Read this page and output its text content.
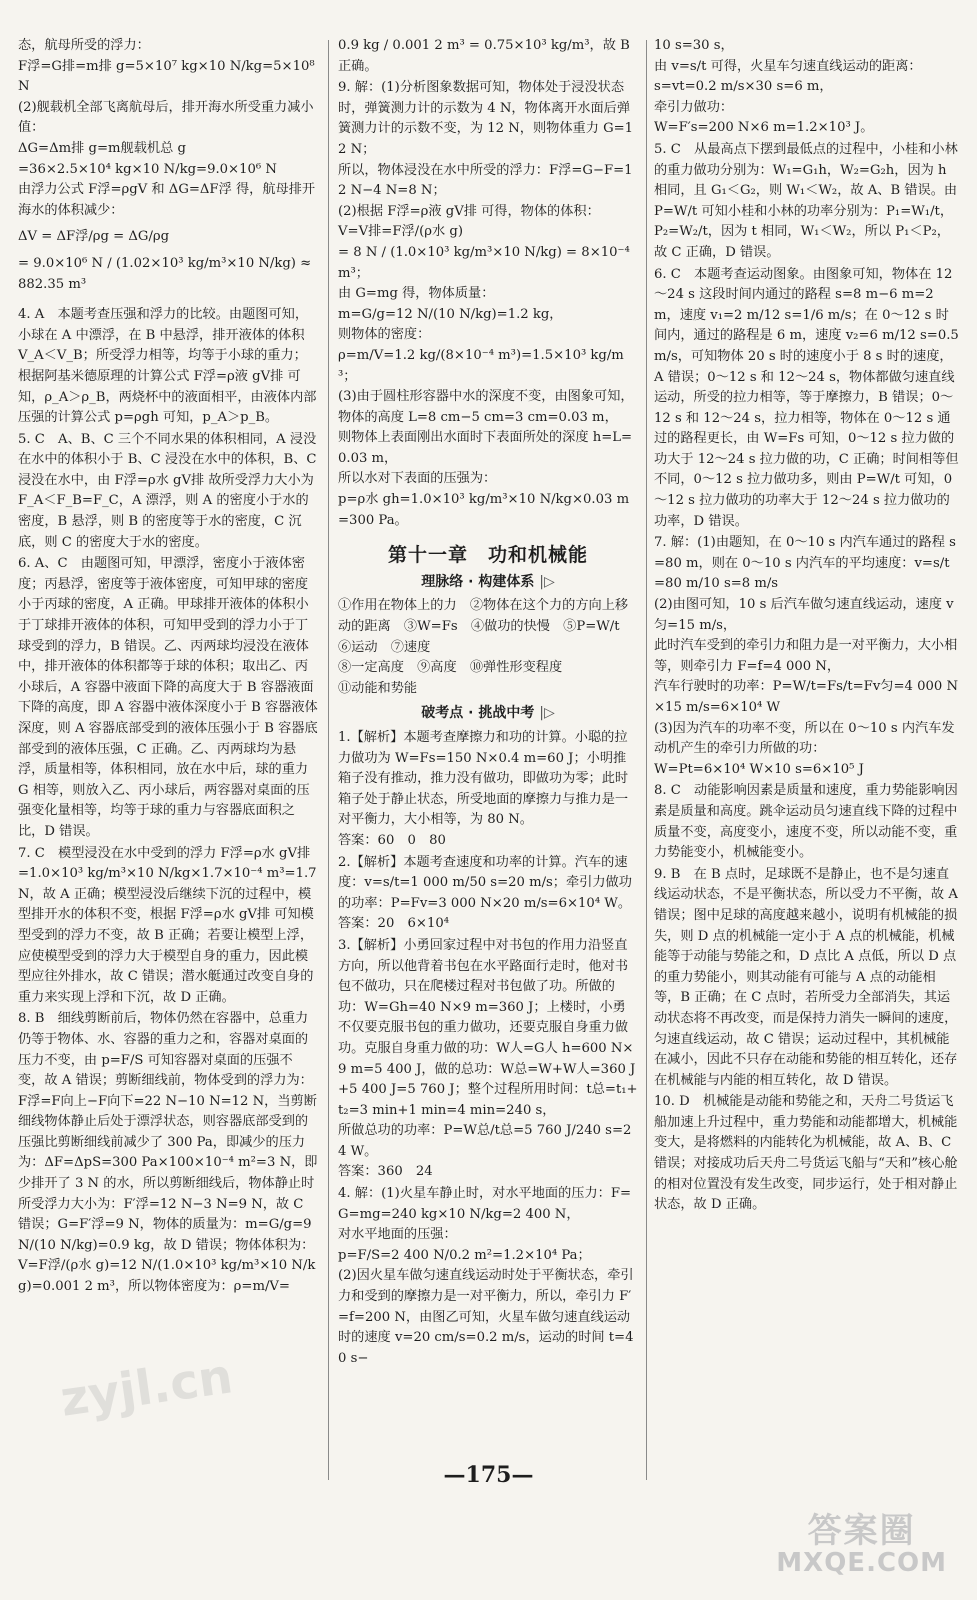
态，航母所受的浮力：

F浮=G排=m排 g=5×10⁷ kg×10 N/kg=5×10⁸ N

(2)舰载机全部飞离航母后，排开海水所受重力减小值：

ΔG=Δm排 g=m舰载机总 g

=36×2.5×10⁴ kg×10 N/kg=9.0×10⁶ N

由浮力公式 F浮=ρgV 和 ΔG=ΔF浮 得，航母排开海水的体积减少：

ΔV = ΔF浮/ρg = ΔG/ρg

= 9.0×10⁶ N / (1.02×10³ kg/m³×10 N/kg) ≈ 882.35 m³

4. A　本题考查压强和浮力的比较。由题图可知，小球在 A 中漂浮，在 B 中悬浮，排开液体的体积 V_A＜V_B；所受浮力相等，均等于小球的重力；根据阿基米德原理的计算公式 F浮=ρ液 gV排 可知，ρ_A＞ρ_B，两烧杯中的液面相平，由液体内部压强的计算公式 p=ρgh 可知，p_A＞p_B。

5. C　A、B、C 三个不同水果的体积相同，A 浸没在水中的体积小于 B、C 浸没在水中的体积，B、C 浸没在水中，由 F浮=ρ水 gV排 故所受浮力大小为 F_A＜F_B=F_C，A 漂浮，则 A 的密度小于水的密度，B 悬浮，则 B 的密度等于水的密度，C 沉底，则 C 的密度大于水的密度。

6. A、C　由题图可知，甲漂浮，密度小于液体密度；丙悬浮，密度等于液体密度，可知甲球的密度小于丙球的密度，A 正确。甲球排开液体的体积小于丁球排开液体的体积，可知甲受到的浮力小于丁球受到的浮力，B 错误。乙、丙两球均浸没在液体中，排开液体的体积都等于球的体积；取出乙、丙小球后，A 容器中液面下降的高度大于 B 容器液面下降的高度，即 A 容器中液体深度小于 B 容器液体深度，则 A 容器底部受到的液体压强小于 B 容器底部受到的液体压强，C 正确。乙、丙两球均为悬浮，质量相等，体积相同，放在水中后，球的重力 G 相等，则放入乙、丙小球后，两容器对桌面的压强变化量相等，均等于球的重力与容器底面积之比，D 错误。

7. C　模型浸没在水中受到的浮力 F浮=ρ水 gV排=1.0×10³ kg/m³×10 N/kg×1.7×10⁻⁴ m³=1.7 N，故 A 正确；模型浸没后继续下沉的过程中，模型排开水的体积不变，根据 F浮=ρ水 gV排 可知模型受到的浮力不变，故 B 正确；若要让模型上浮，应使模型受到的浮力大于模型自身的重力，因此模型应往外排水，故 C 错误；潜水艇通过改变自身的重力来实现上浮和下沉，故 D 正确。

8. B　细线剪断前后，物体仍然在容器中，总重力仍等于物体、水、容器的重力之和，容器对桌面的压力不变，由 p=F/S 可知容器对桌面的压强不变，故 A 错误；剪断细线前，物体受到的浮力为：F浮=F向上−F向下=22 N−10 N=12 N，当剪断细线物体静止后处于漂浮状态，则容器底部受到的压强比剪断细线前减少了 300 Pa，即减少的压力为：ΔF=ΔpS=300 Pa×100×10⁻⁴ m²=3 N，即少排开了 3 N 的水，所以剪断细线后，物体静止时所受浮力大小为：F′浮=12 N−3 N=9 N，故 C 错误；G=F′浮=9 N，物体的质量为：m=G/g=9 N/(10 N/kg)=0.9 kg，故 D 错误；物体体积为：V=F浮/(ρ水 g)=12 N/(1.0×10³ kg/m³×10 N/kg)=0.001 2 m³，所以物体密度为：ρ=m/V=

0.9 kg / 0.001 2 m³ = 0.75×10³ kg/m³，故 B 正确。

9. 解：(1)分析图象数据可知，物体处于浸没状态时，弹簧测力计的示数为 4 N，物体离开水面后弹簧测力计的示数不变，为 12 N，则物体重力 G=12 N；

所以，物体浸没在水中所受的浮力：F浮=G−F=12 N−4 N=8 N；

(2)根据 F浮=ρ液 gV排 可得，物体的体积：

V=V排=F浮/(ρ水 g)

= 8 N / (1.0×10³ kg/m³×10 N/kg) = 8×10⁻⁴ m³；

由 G=mg 得，物体质量：

m=G/g=12 N/(10 N/kg)=1.2 kg，

则物体的密度：

ρ=m/V=1.2 kg/(8×10⁻⁴ m³)=1.5×10³ kg/m³；

(3)由于圆柱形容器中水的深度不变，由图象可知，物体的高度 L=8 cm−5 cm=3 cm=0.03 m，

则物体上表面刚出水面时下表面所处的深度 h=L=0.03 m，

所以水对下表面的压强为：

p=ρ水 gh=1.0×10³ kg/m³×10 N/kg×0.03 m=300 Pa。

第十一章　功和机械能
理脉络 · 构建体系 |▷

①作用在物体上的力　②物体在这个力的方向上移动的距离　③W=Fs　④做功的快慢　⑤P=W/t　⑥运动　⑦速度

⑧一定高度　⑨高度　⑩弹性形变程度

⑪动能和势能

破考点 · 挑战中考 |▷

1.【解析】本题考查摩擦力和功的计算。小聪的拉力做功为 W=Fs=150 N×0.4 m=60 J；小明推箱子没有推动，推力没有做功，即做功为零；此时箱子处于静止状态，所受地面的摩擦力与推力是一对平衡力，大小相等，为 80 N。

答案：60　0　80

2.【解析】本题考查速度和功率的计算。汽车的速度：v=s/t=1 000 m/50 s=20 m/s；牵引力做功的功率：P=Fv=3 000 N×20 m/s=6×10⁴ W。

答案：20　6×10⁴

3.【解析】小勇回家过程中对书包的作用力沿竖直方向，所以他背着书包在水平路面行走时，他对书包不做功，只在爬楼过程对书包做了功。所做的功：W=Gh=40 N×9 m=360 J；上楼时，小勇不仅要克服书包的重力做功，还要克服自身重力做功。克服自身重力做的功：W人=G人 h=600 N×9 m=5 400 J，做的总功：W总=W+W人=360 J+5 400 J=5 760 J；整个过程所用时间：t总=t₁+t₂=3 min+1 min=4 min=240 s，

所做总功的功率：P=W总/t总=5 760 J/240 s=24 W。

答案：360　24

4. 解：(1)火星车静止时，对水平地面的压力：F=G=mg=240 kg×10 N/kg=2 400 N，

对水平地面的压强：

p=F/S=2 400 N/0.2 m²=1.2×10⁴ Pa；

(2)因火星车做匀速直线运动时处于平衡状态，牵引力和受到的摩擦力是一对平衡力，所以，牵引力 F′=f=200 N，由图乙可知，火星车做匀速直线运动时的速度 v=20 cm/s=0.2 m/s，运动的时间 t=40 s−

10 s=30 s，

由 v=s/t 可得，火星车匀速直线运动的距离：

s=vt=0.2 m/s×30 s=6 m，

牵引力做功：

W=F′s=200 N×6 m=1.2×10³ J。

5. C　从最高点下摆到最低点的过程中，小桂和小林的重力做功分别为：W₁=G₁h，W₂=G₂h，因为 h 相同，且 G₁＜G₂，则 W₁＜W₂，故 A、B 错误。由 P=W/t 可知小桂和小林的功率分别为：P₁=W₁/t，P₂=W₂/t，因为 t 相同，W₁＜W₂，所以 P₁＜P₂，故 C 正确，D 错误。

6. C　本题考查运动图象。由图象可知，物体在 12～24 s 这段时间内通过的路程 s=8 m−6 m=2 m，速度 v₁=2 m/12 s=1/6 m/s；在 0～12 s 时间内，通过的路程是 6 m，速度 v₂=6 m/12 s=0.5 m/s，可知物体 20 s 时的速度小于 8 s 时的速度，A 错误；0～12 s 和 12～24 s，物体都做匀速直线运动，所受的拉力相等，等于摩擦力，B 错误；0～12 s 和 12～24 s，拉力相等，物体在 0～12 s 通过的路程更长，由 W=Fs 可知，0～12 s 拉力做的功大于 12～24 s 拉力做的功，C 正确；时间相等但不同，0～12 s 拉力做功多，则由 P=W/t 可知，0～12 s 拉力做功的功率大于 12～24 s 拉力做功的功率，D 错误。

7. 解：(1)由题知，在 0～10 s 内汽车通过的路程 s=80 m，则在 0～10 s 内汽车的平均速度：v=s/t=80 m/10 s=8 m/s

(2)由图可知，10 s 后汽车做匀速直线运动，速度 v匀=15 m/s，

此时汽车受到的牵引力和阻力是一对平衡力，大小相等，则牵引力 F=f=4 000 N，

汽车行驶时的功率：P=W/t=Fs/t=Fv匀=4 000 N×15 m/s=6×10⁴ W

(3)因为汽车的功率不变，所以在 0～10 s 内汽车发动机产生的牵引力所做的功：

W=Pt=6×10⁴ W×10 s=6×10⁵ J

8. C　动能影响因素是质量和速度，重力势能影响因素是质量和高度。跳伞运动员匀速直线下降的过程中质量不变，高度变小，速度不变，所以动能不变，重力势能变小，机械能变小。

9. B　在 B 点时，足球既不是静止，也不是匀速直线运动状态，不是平衡状态，所以受力不平衡，故 A 错误；图中足球的高度越来越小，说明有机械能的损失，则 D 点的机械能一定小于 A 点的机械能，机械能等于动能与势能之和，D 点比 A 点低，所以 D 点的重力势能小，则其动能有可能与 A 点的动能相等，B 正确；在 C 点时，若所受力全部消失，其运动状态将不再改变，而是保持力消失一瞬间的速度，匀速直线运动，故 C 错误；运动过程中，其机械能在减小，因此不只存在动能和势能的相互转化，还存在机械能与内能的相互转化，故 D 错误。

10. D　机械能是动能和势能之和，天舟二号货运飞船加速上升过程中，重力势能和动能都增大，机械能变大，是将燃料的内能转化为机械能，故 A、B、C 错误；对接成功后天舟二号货运飞船与“天和”核心舱的相对位置没有发生改变，同步运行，处于相对静止状态，故 D 正确。

—175—
zyjl.cn
答案圈
MXQE.COM
